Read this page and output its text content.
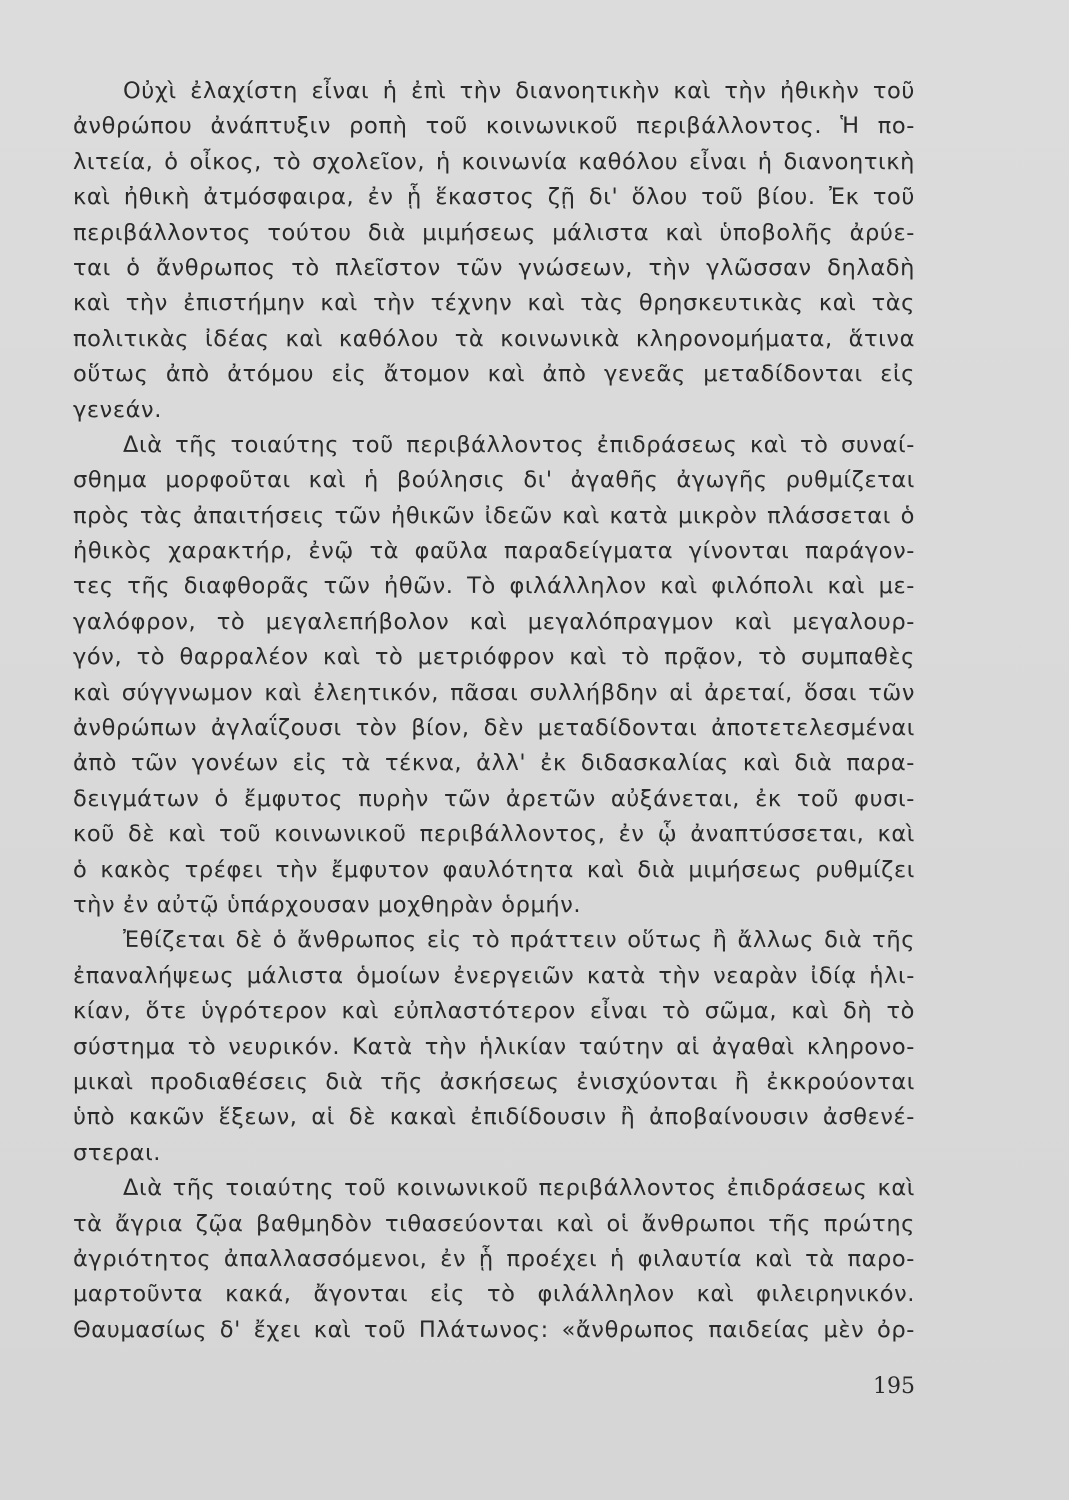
Οὐχὶ ἐλαχίστη εἶναι ἡ ἐπὶ τὴν διανοητικὴν καὶ τὴν ἠθικὴν τοῦ
ἀνθρώπου ἀνάπτυξιν ροπὴ τοῦ κοινωνικοῦ περιβάλλοντος. Ἡ πο-
λιτεία, ὁ οἶκος, τὸ σχολεῖον, ἡ κοινωνία καθόλου εἶναι ἡ διανοητικὴ
καὶ ἠθικὴ ἀτμόσφαιρα, ἐν ᾗ ἕκαστος ζῇ δι' ὅλου τοῦ βίου. Ἐκ τοῦ
περιβάλλοντος τούτου διὰ μιμήσεως μάλιστα καὶ ὑποβολῆς ἀρύε-
ται ὁ ἄνθρωπος τὸ πλεῖστον τῶν γνώσεων, τὴν γλῶσσαν δηλαδὴ
καὶ τὴν ἐπιστήμην καὶ τὴν τέχνην καὶ τὰς θρησκευτικὰς καὶ τὰς
πολιτικὰς ἰδέας καὶ καθόλου τὰ κοινωνικὰ κληρονομήματα, ἅτινα
οὕτως ἀπὸ ἀτόμου εἰς ἄτομον καὶ ἀπὸ γενεᾶς μεταδίδονται εἰς
γενεάν.
Διὰ τῆς τοιαύτης τοῦ περιβάλλοντος ἐπιδράσεως καὶ τὸ συναί-
σθημα μορφοῦται καὶ ἡ βούλησις δι' ἀγαθῆς ἀγωγῆς ρυθμίζεται
πρὸς τὰς ἀπαιτήσεις τῶν ἠθικῶν ἰδεῶν καὶ κατὰ μικρὸν πλάσσεται ὁ
ἠθικὸς χαρακτήρ, ἐνῷ τὰ φαῦλα παραδείγματα γίνονται παράγον-
τες τῆς διαφθορᾶς τῶν ἠθῶν. Τὸ φιλάλληλον καὶ φιλόπολι καὶ με-
γαλόφρον, τὸ μεγαλεπήβολον καὶ μεγαλόπραγμον καὶ μεγαλουρ-
γόν, τὸ θαρραλέον καὶ τὸ μετριόφρον καὶ τὸ πρᾷον, τὸ συμπαθὲς
καὶ σύγγνωμον καὶ ἐλεητικόν, πᾶσαι συλλήβδην αἱ ἀρεταί, ὅσαι τῶν
ἀνθρώπων ἀγλαΐζουσι τὸν βίον, δὲν μεταδίδονται ἀποτετελεσμέναι
ἀπὸ τῶν γονέων εἰς τὰ τέκνα, ἀλλ' ἐκ διδασκαλίας καὶ διὰ παρα-
δειγμάτων ὁ ἔμφυτος πυρὴν τῶν ἀρετῶν αὐξάνεται, ἐκ τοῦ φυσι-
κοῦ δὲ καὶ τοῦ κοινωνικοῦ περιβάλλοντος, ἐν ᾧ ἀναπτύσσεται, καὶ
ὁ κακὸς τρέφει τὴν ἔμφυτον φαυλότητα καὶ διὰ μιμήσεως ρυθμίζει
τὴν ἐν αὐτῷ ὑπάρχουσαν μοχθηρὰν ὁρμήν.
Ἐθίζεται δὲ ὁ ἄνθρωπος εἰς τὸ πράττειν οὕτως ἢ ἄλλως διὰ τῆς
ἐπαναλήψεως μάλιστα ὁμοίων ἐνεργειῶν κατὰ τὴν νεαρὰν ἰδίᾳ ἡλι-
κίαν, ὅτε ὑγρότερον καὶ εὐπλαστότερον εἶναι τὸ σῶμα, καὶ δὴ τὸ
σύστημα τὸ νευρικόν. Κατὰ τὴν ἡλικίαν ταύτην αἱ ἀγαθαὶ κληρονο-
μικαὶ προδιαθέσεις διὰ τῆς ἀσκήσεως ἐνισχύονται ἢ ἐκκρούονται
ὑπὸ κακῶν ἕξεων, αἱ δὲ κακαὶ ἐπιδίδουσιν ἢ ἀποβαίνουσιν ἀσθενέ-
στεραι.
Διὰ τῆς τοιαύτης τοῦ κοινωνικοῦ περιβάλλοντος ἐπιδράσεως καὶ
τὰ ἄγρια ζῷα βαθμηδὸν τιθασεύονται καὶ οἱ ἄνθρωποι τῆς πρώτης
ἀγριότητος ἀπαλλασσόμενοι, ἐν ᾗ προέχει ἡ φιλαυτία καὶ τὰ παρο-
μαρτοῦντα κακά, ἄγονται εἰς τὸ φιλάλληλον καὶ φιλειρηνικόν.
Θαυμασίως δ' ἔχει καὶ τοῦ Πλάτωνος: «ἄνθρωπος παιδείας μὲν ὀρ-
195
